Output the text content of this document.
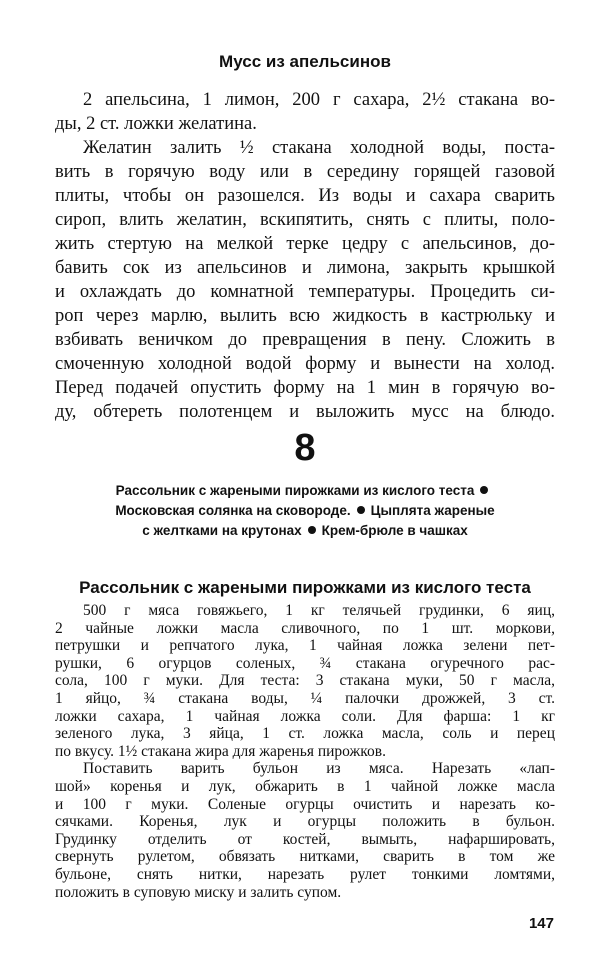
Мусс из апельсинов
2 апельсина, 1 лимон, 200 г сахара, 2½ стакана во-
ды, 2 ст. ложки желатина.
Желатин залить ½ стакана холодной воды, поста-
вить в горячую воду или в середину горящей газовой
плиты, чтобы он разошелся. Из воды и сахара сварить
сироп, влить желатин, вскипятить, снять с плиты, поло-
жить стертую на мелкой терке цедру с апельсинов, до-
бавить сок из апельсинов и лимона, закрыть крышкой
и охлаждать до комнатной температуры. Процедить си-
роп через марлю, вылить всю жидкость в кастрюльку и
взбивать веничком до превращения в пену. Сложить в
смоченную холодной водой форму и вынести на холод.
Перед подачей опустить форму на 1 мин в горячую во-
ду, обтереть полотенцем и выложить мусс на блюдо.
8
Рассольник с жареными пирожками из кислого теста
Московская солянка на сковороде. Цыплята жареные
с желтками на крутонах Крем-брюле в чашках
Рассольник с жареными пирожками из кислого теста
500 г мяса говяжьего, 1 кг телячьей грудинки, 6 яиц,
2 чайные ложки масла сливочного, по 1 шт. моркови,
петрушки и репчатого лука, 1 чайная ложка зелени пет-
рушки, 6 огурцов соленых, ¾ стакана огуречного рас-
сола, 100 г муки. Для теста: 3 стакана муки, 50 г масла,
1 яйцо, ¾ стакана воды, ¼ палочки дрожжей, 3 ст.
ложки сахара, 1 чайная ложка соли. Для фарша: 1 кг
зеленого лука, 3 яйца, 1 ст. ложка масла, соль и перец
по вкусу. 1½ стакана жира для жаренья пирожков.
Поставить варить бульон из мяса. Нарезать «лап-
шой» коренья и лук, обжарить в 1 чайной ложке масла
и 100 г муки. Соленые огурцы очистить и нарезать ко-
сячками. Коренья, лук и огурцы положить в бульон.
Грудинку отделить от костей, вымыть, нафаршировать,
свернуть рулетом, обвязать нитками, сварить в том же
бульоне, снять нитки, нарезать рулет тонкими ломтями,
положить в суповую миску и залить супом.
147
